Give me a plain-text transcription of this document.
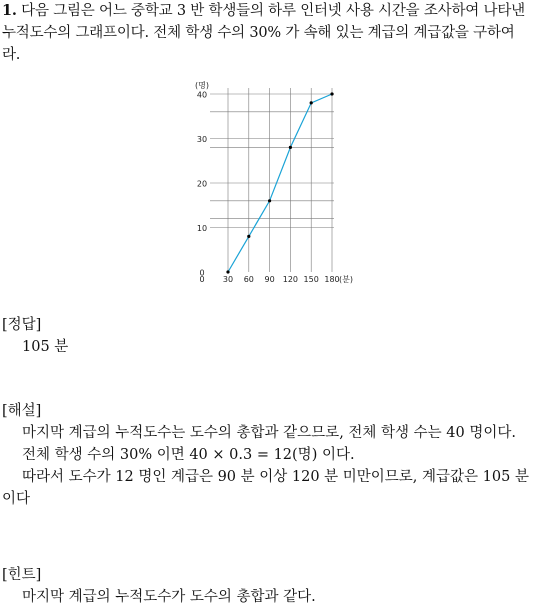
1. 다음 그림은 어느 중학교 3 반 학생들의 하루 인터넷 사용 시간을 조사하여 나타낸 누적도수의 그래프이다. 전체 학생 수의 30% 가 속해 있는 계급의 계급값을 구하여라.
0
10
20
30
40
(명)
0 30 60 90 120 150 180 (분)
[정답]
105 분
[해설]
마지막 계급의 누적도수는 도수의 총합과 같으므로, 전체 학생 수는 40 명이다.
전체 학생 수의 30% 이면 40 × 0.3 = 12(명) 이다.
따라서 도수가 12 명인 계급은 90 분 이상 120 분 미만이므로, 계급값은 105 분이다
[힌트]
마지막 계급의 누적도수가 도수의 총합과 같다.
